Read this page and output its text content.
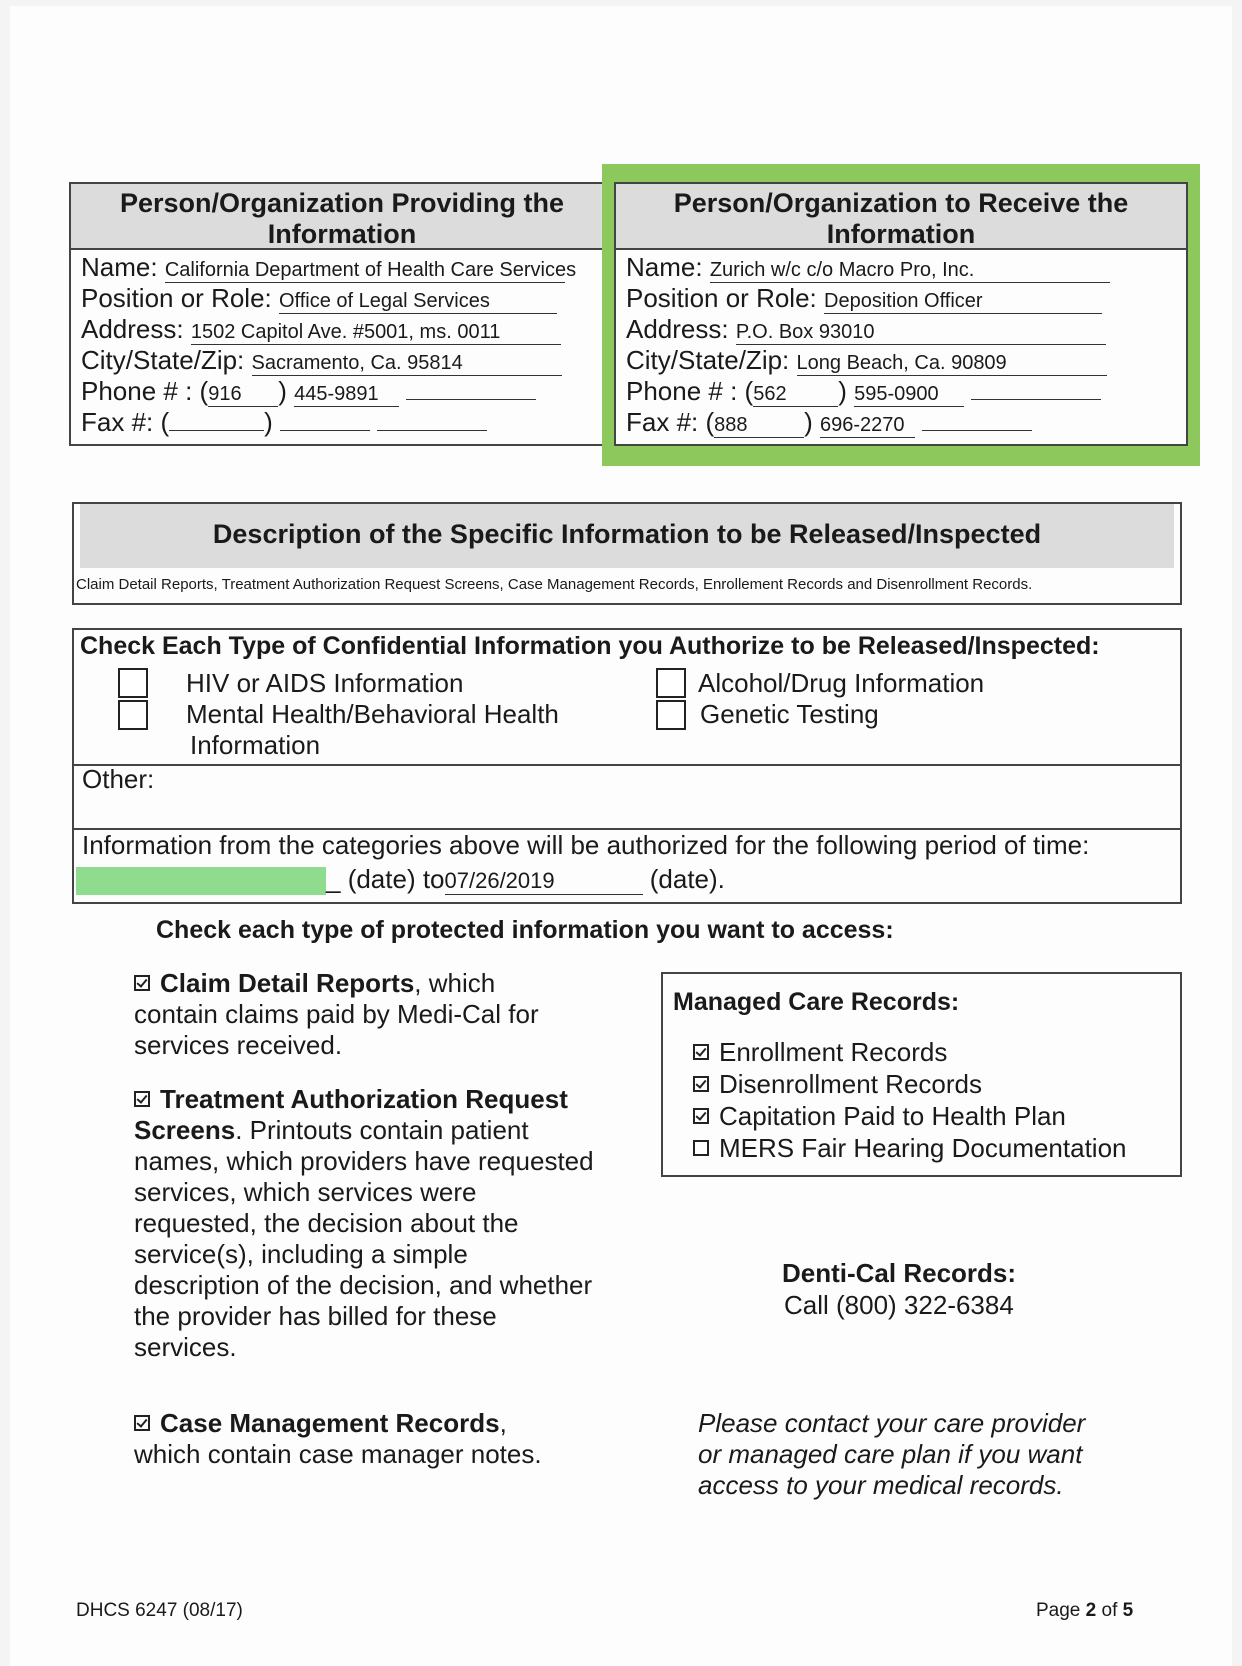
Person/Organization Providing the Information
Name: California Department of Health Care Services
Position or Role: Office of Legal Services
Address: 1502 Capitol Ave. #5001, ms. 0011
City/State/Zip: Sacramento, Ca. 95814
Phone # : (916 ) 445-9891
Fax #: (	)
Person/Organization to Receive the Information
Name: Zurich w/c c/o Macro Pro, Inc.
Position or Role: Deposition Officer
Address: P.O. Box 93010
City/State/Zip: Long Beach, Ca. 90809
Phone # : (562 ) 595-0900
Fax #: (888 ) 696-2270
Description of the Specific Information to be Released/Inspected
Claim Detail Reports, Treatment Authorization Request Screens, Case Management Records, Enrollement Records and Disenrollment Records.
Check Each Type of Confidential Information you Authorize to be Released/Inspected:
HIV or AIDS Information
Mental Health/Behavioral Health
Information
Alcohol/Drug Information
Genetic Testing
Other:
Information from the categories above will be authorized for the following period of time:
_ (date) to07/26/2019	(date).
Check each type of protected information you want to access:
Claim Detail Reports, which
contain claims paid by Medi-Cal for
services received.
Treatment Authorization Request
Screens. Printouts contain patient
names, which providers have requested
services, which services were
requested, the decision about the
service(s), including a simple
description of the decision, and whether
the provider has billed for these
services.
Case Management Records,
which contain case manager notes.
Managed Care Records:
Enrollment Records
Disenrollment Records
Capitation Paid to Health Plan
MERS Fair Hearing Documentation
Denti-Cal Records:
Call (800) 322-6384
Please contact your care provider
or managed care plan if you want
access to your medical records.
DHCS 6247 (08/17)	Page 2 of 5
